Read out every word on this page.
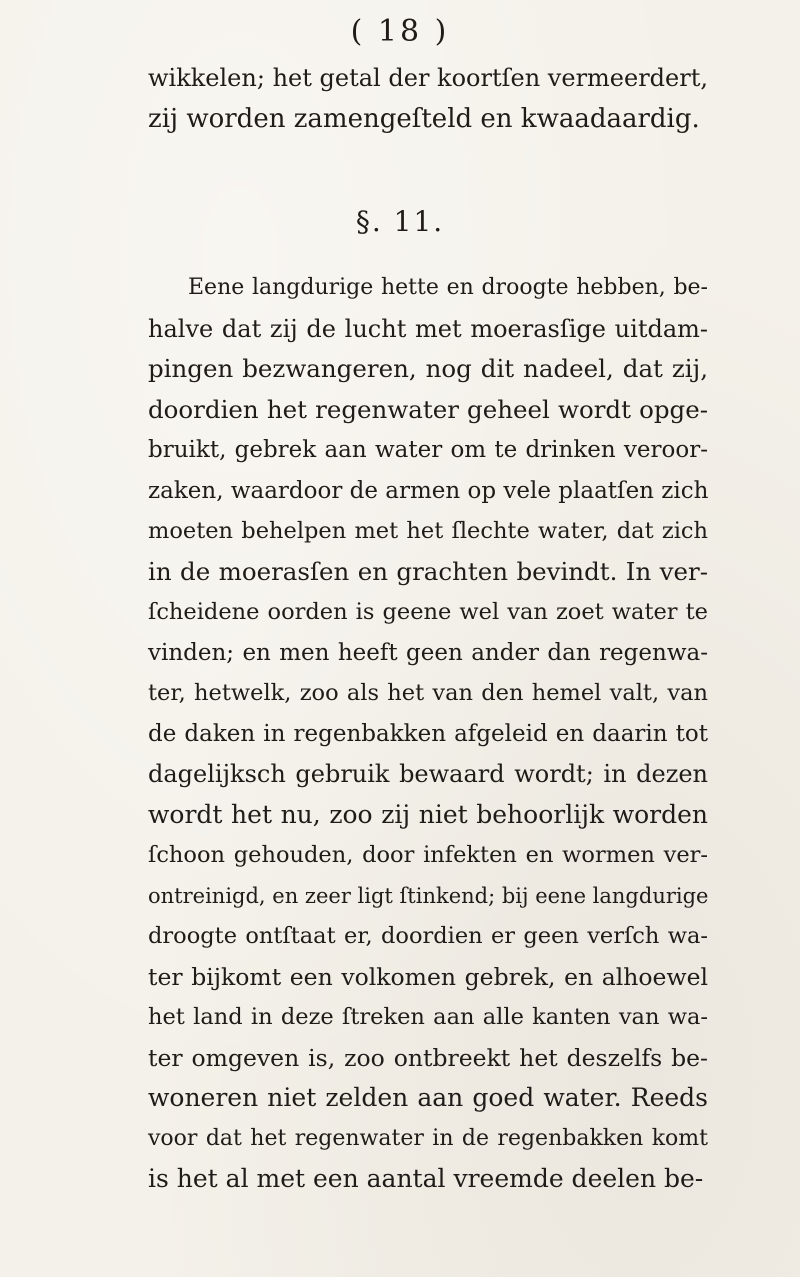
( 18 )
wikkelen; het getal der koortſen vermeerdert,
zij worden zamengeſteld en kwaadaardig.
§. 11.
Eene langdurige hette en droogte hebben, be-
halve dat zij de lucht met moerasſige uitdam-
pingen bezwangeren, nog dit nadeel, dat zij,
doordien het regenwater geheel wordt opge-
bruikt, gebrek aan water om te drinken veroor-
zaken, waardoor de armen op vele plaatſen zich
moeten behelpen met het ſlechte water, dat zich
in de moerasſen en grachten bevindt. In ver-
ſcheidene oorden is geene wel van zoet water te
vinden; en men heeft geen ander dan regenwa-
ter, hetwelk, zoo als het van den hemel valt, van
de daken in regenbakken afgeleid en daarin tot
dagelijksch gebruik bewaard wordt; in dezen
wordt het nu, zoo zij niet behoorlijk worden
ſchoon gehouden, door infekten en wormen ver-
ontreinigd, en zeer ligt ſtinkend; bij eene langdurige
droogte ontſtaat er, doordien er geen verſch wa-
ter bijkomt een volkomen gebrek, en alhoewel
het land in deze ſtreken aan alle kanten van wa-
ter omgeven is, zoo ontbreekt het deszelfs be-
woneren niet zelden aan goed water. Reeds
voor dat het regenwater in de regenbakken komt
is het al met een aantal vreemde deelen be-
